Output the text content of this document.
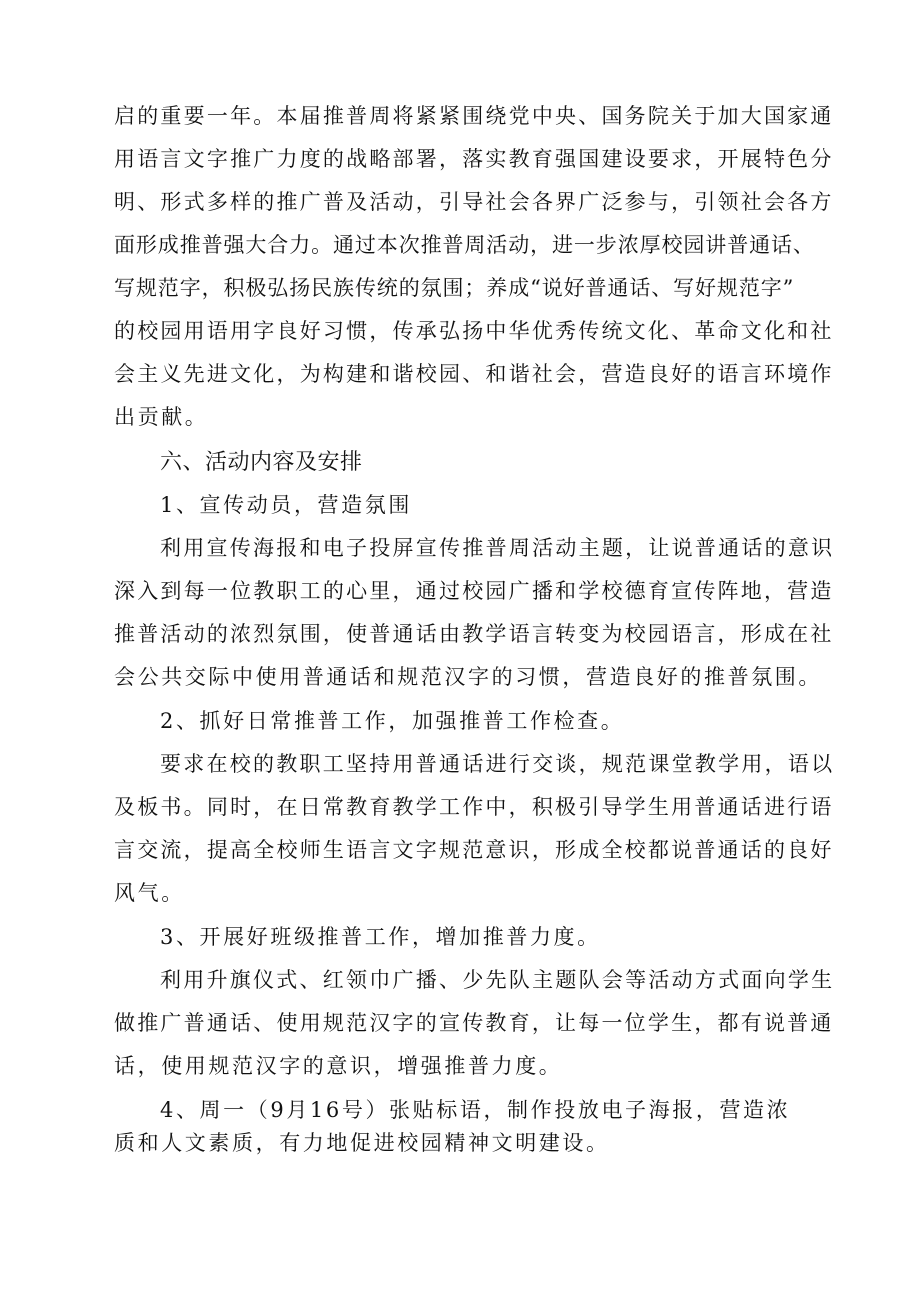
启的重要一年。本届推普周将紧紧围绕党中央、国务院关于加大国家通
用语言文字推广力度的战略部署，落实教育强国建设要求，开展特色分
明、形式多样的推广普及活动，引导社会各界广泛参与，引领社会各方
面形成推普强大合力。通过本次推普周活动，进一步浓厚校园讲普通话、
写规范字，积极弘扬民族传统的氛围；养成“说好普通话、写好规范字”
的校园用语用字良好习惯，传承弘扬中华优秀传统文化、革命文化和社
会主义先进文化，为构建和谐校园、和谐社会，营造良好的语言环境作
出贡献。
六、活动内容及安排
1、宣传动员，营造氛围
利用宣传海报和电子投屏宣传推普周活动主题，让说普通话的意识
深入到每一位教职工的心里，通过校园广播和学校德育宣传阵地，营造
推普活动的浓烈氛围，使普通话由教学语言转变为校园语言，形成在社
会公共交际中使用普通话和规范汉字的习惯，营造良好的推普氛围。
2、抓好日常推普工作，加强推普工作检查。
要求在校的教职工坚持用普通话进行交谈，规范课堂教学用，语以
及板书。同时，在日常教育教学工作中，积极引导学生用普通话进行语
言交流，提高全校师生语言文字规范意识，形成全校都说普通话的良好
风气。
3、开展好班级推普工作，增加推普力度。
利用升旗仪式、红领巾广播、少先队主题队会等活动方式面向学生
做推广普通话、使用规范汉字的宣传教育，让每一位学生，都有说普通
话，使用规范汉字的意识，增强推普力度。
4、周一（9月16号）张贴标语，制作投放电子海报，营造浓
质和人文素质，有力地促进校园精神文明建设。
